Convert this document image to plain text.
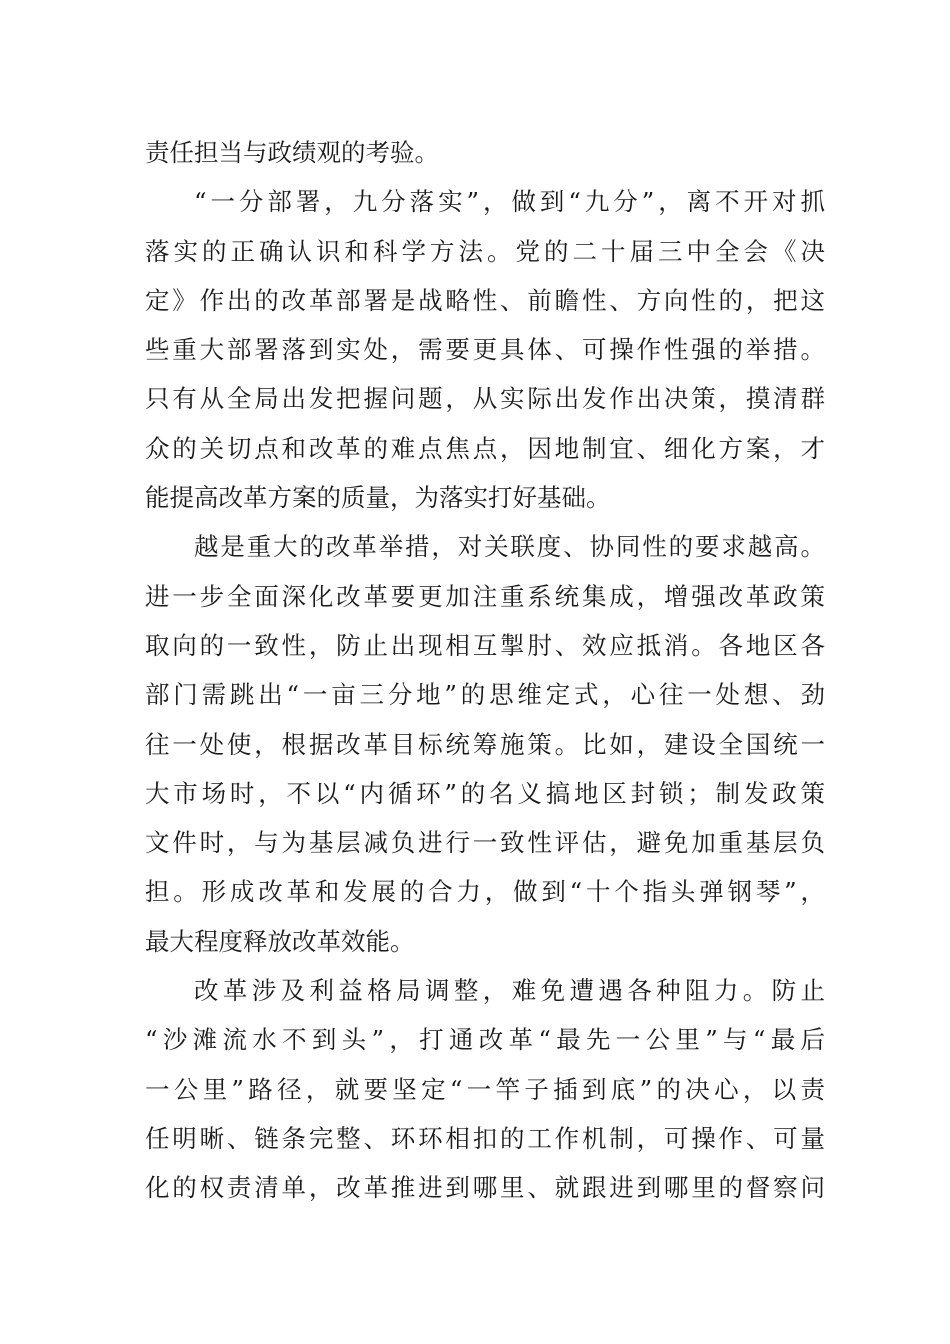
责任担当与政绩观的考验。
“一分部署，九分落实”，做到“九分”，离不开对抓
落实的正确认识和科学方法。党的二十届三中全会《决
定》作出的改革部署是战略性、前瞻性、方向性的，把这
些重大部署落到实处，需要更具体、可操作性强的举措。
只有从全局出发把握问题，从实际出发作出决策，摸清群
众的关切点和改革的难点焦点，因地制宜、细化方案，才
能提高改革方案的质量，为落实打好基础。
越是重大的改革举措，对关联度、协同性的要求越高。
进一步全面深化改革要更加注重系统集成，增强改革政策
取向的一致性，防止出现相互掣肘、效应抵消。各地区各
部门需跳出“一亩三分地”的思维定式，心往一处想、劲
往一处使，根据改革目标统筹施策。比如，建设全国统一
大市场时，不以“内循环”的名义搞地区封锁；制发政策
文件时，与为基层减负进行一致性评估，避免加重基层负
担。形成改革和发展的合力，做到“十个指头弹钢琴”，
最大程度释放改革效能。
改革涉及利益格局调整，难免遭遇各种阻力。防止
“沙滩流水不到头”，打通改革“最先一公里”与“最后
一公里”路径，就要坚定“一竿子插到底”的决心，以责
任明晰、链条完整、环环相扣的工作机制，可操作、可量
化的权责清单，改革推进到哪里、就跟进到哪里的督察问
